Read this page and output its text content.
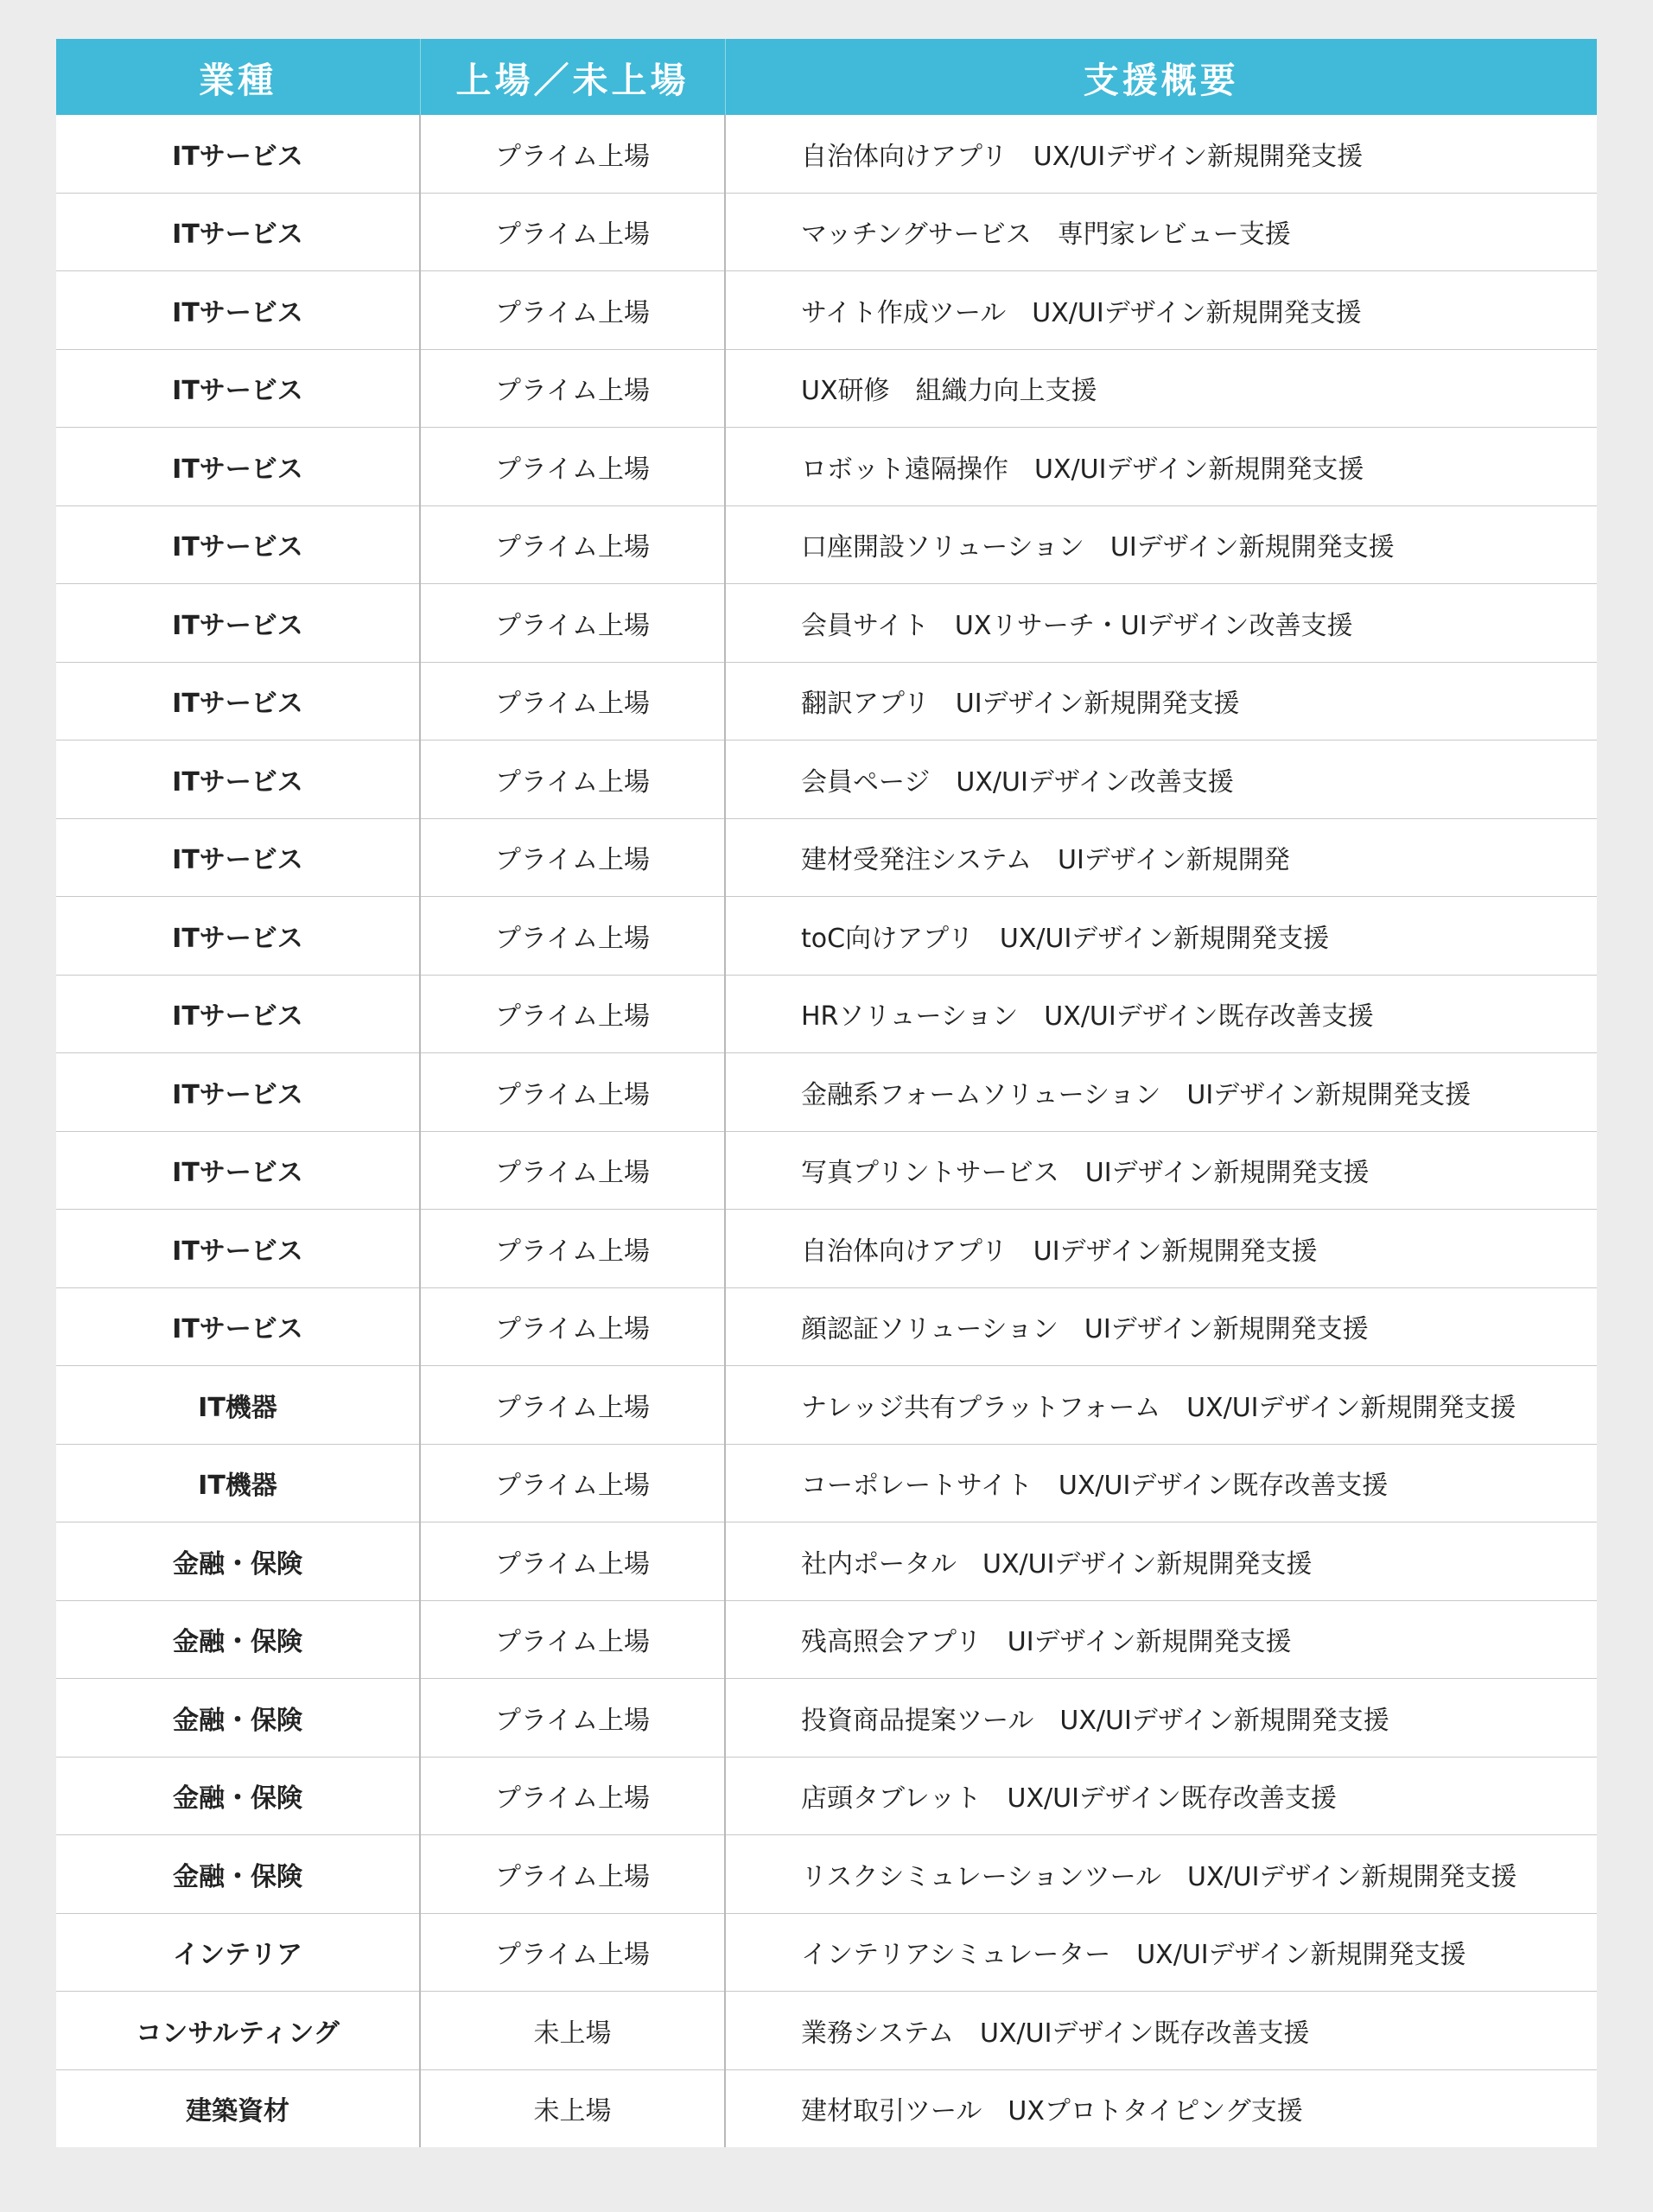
業種	上場／未上場	支援概要
ITサービス	プライム上場	自治体向けアプリ　UX/UIデザイン新規開発支援
ITサービス	プライム上場	マッチングサービス　専門家レビュー支援
ITサービス	プライム上場	サイト作成ツール　UX/UIデザイン新規開発支援
ITサービス	プライム上場	UX研修　組織力向上支援
ITサービス	プライム上場	ロボット遠隔操作　UX/UIデザイン新規開発支援
ITサービス	プライム上場	口座開設ソリューション　UIデザイン新規開発支援
ITサービス	プライム上場	会員サイト　UXリサーチ・UIデザイン改善支援
ITサービス	プライム上場	翻訳アプリ　UIデザイン新規開発支援
ITサービス	プライム上場	会員ページ　UX/UIデザイン改善支援
ITサービス	プライム上場	建材受発注システム　UIデザイン新規開発
ITサービス	プライム上場	toC向けアプリ　UX/UIデザイン新規開発支援
ITサービス	プライム上場	HRソリューション　UX/UIデザイン既存改善支援
ITサービス	プライム上場	金融系フォームソリューション　UIデザイン新規開発支援
ITサービス	プライム上場	写真プリントサービス　UIデザイン新規開発支援
ITサービス	プライム上場	自治体向けアプリ　UIデザイン新規開発支援
ITサービス	プライム上場	顔認証ソリューション　UIデザイン新規開発支援
IT機器	プライム上場	ナレッジ共有プラットフォーム　UX/UIデザイン新規開発支援
IT機器	プライム上場	コーポレートサイト　UX/UIデザイン既存改善支援
金融・保険	プライム上場	社内ポータル　UX/UIデザイン新規開発支援
金融・保険	プライム上場	残高照会アプリ　UIデザイン新規開発支援
金融・保険	プライム上場	投資商品提案ツール　UX/UIデザイン新規開発支援
金融・保険	プライム上場	店頭タブレット　UX/UIデザイン既存改善支援
金融・保険	プライム上場	リスクシミュレーションツール　UX/UIデザイン新規開発支援
インテリア	プライム上場	インテリアシミュレーター　UX/UIデザイン新規開発支援
コンサルティング	未上場	業務システム　UX/UIデザイン既存改善支援
建築資材	未上場	建材取引ツール　UXプロトタイピング支援
